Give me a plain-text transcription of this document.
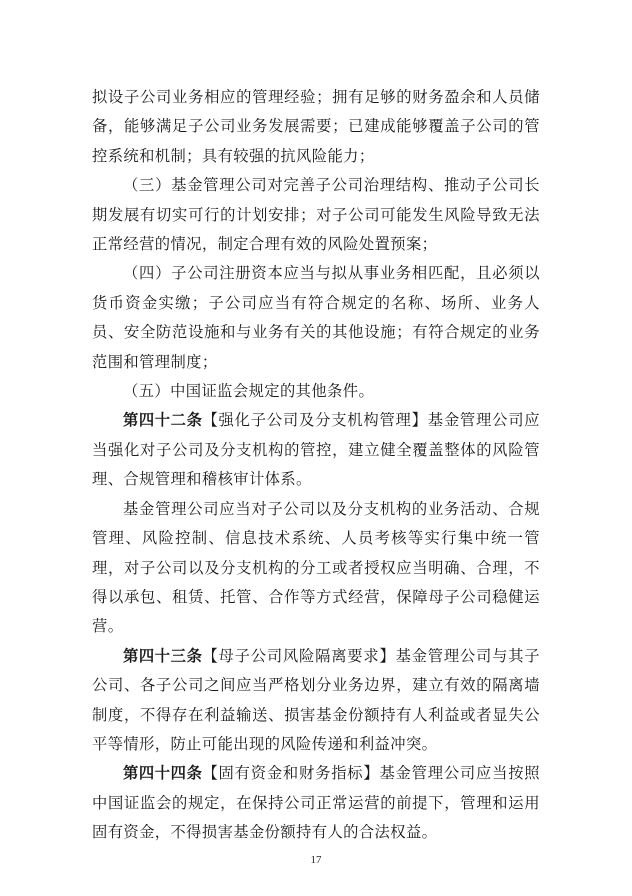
拟设子公司业务相应的管理经验；拥有足够的财务盈余和人员储备，能够满足子公司业务发展需要；已建成能够覆盖子公司的管控系统和机制；具有较强的抗风险能力；

（三）基金管理公司对完善子公司治理结构、推动子公司长期发展有切实可行的计划安排；对子公司可能发生风险导致无法正常经营的情况，制定合理有效的风险处置预案；

（四）子公司注册资本应当与拟从事业务相匹配，且必须以货币资金实缴；子公司应当有符合规定的名称、场所、业务人员、安全防范设施和与业务有关的其他设施；有符合规定的业务范围和管理制度；

（五）中国证监会规定的其他条件。

第四十二条【强化子公司及分支机构管理】基金管理公司应当强化对子公司及分支机构的管控，建立健全覆盖整体的风险管理、合规管理和稽核审计体系。

基金管理公司应当对子公司以及分支机构的业务活动、合规管理、风险控制、信息技术系统、人员考核等实行集中统一管理，对子公司以及分支机构的分工或者授权应当明确、合理，不得以承包、租赁、托管、合作等方式经营，保障母子公司稳健运营。

第四十三条【母子公司风险隔离要求】基金管理公司与其子公司、各子公司之间应当严格划分业务边界，建立有效的隔离墙制度，不得存在利益输送、损害基金份额持有人利益或者显失公平等情形，防止可能出现的风险传递和利益冲突。

第四十四条【固有资金和财务指标】基金管理公司应当按照中国证监会的规定，在保持公司正常运营的前提下，管理和运用固有资金，不得损害基金份额持有人的合法权益。

17
